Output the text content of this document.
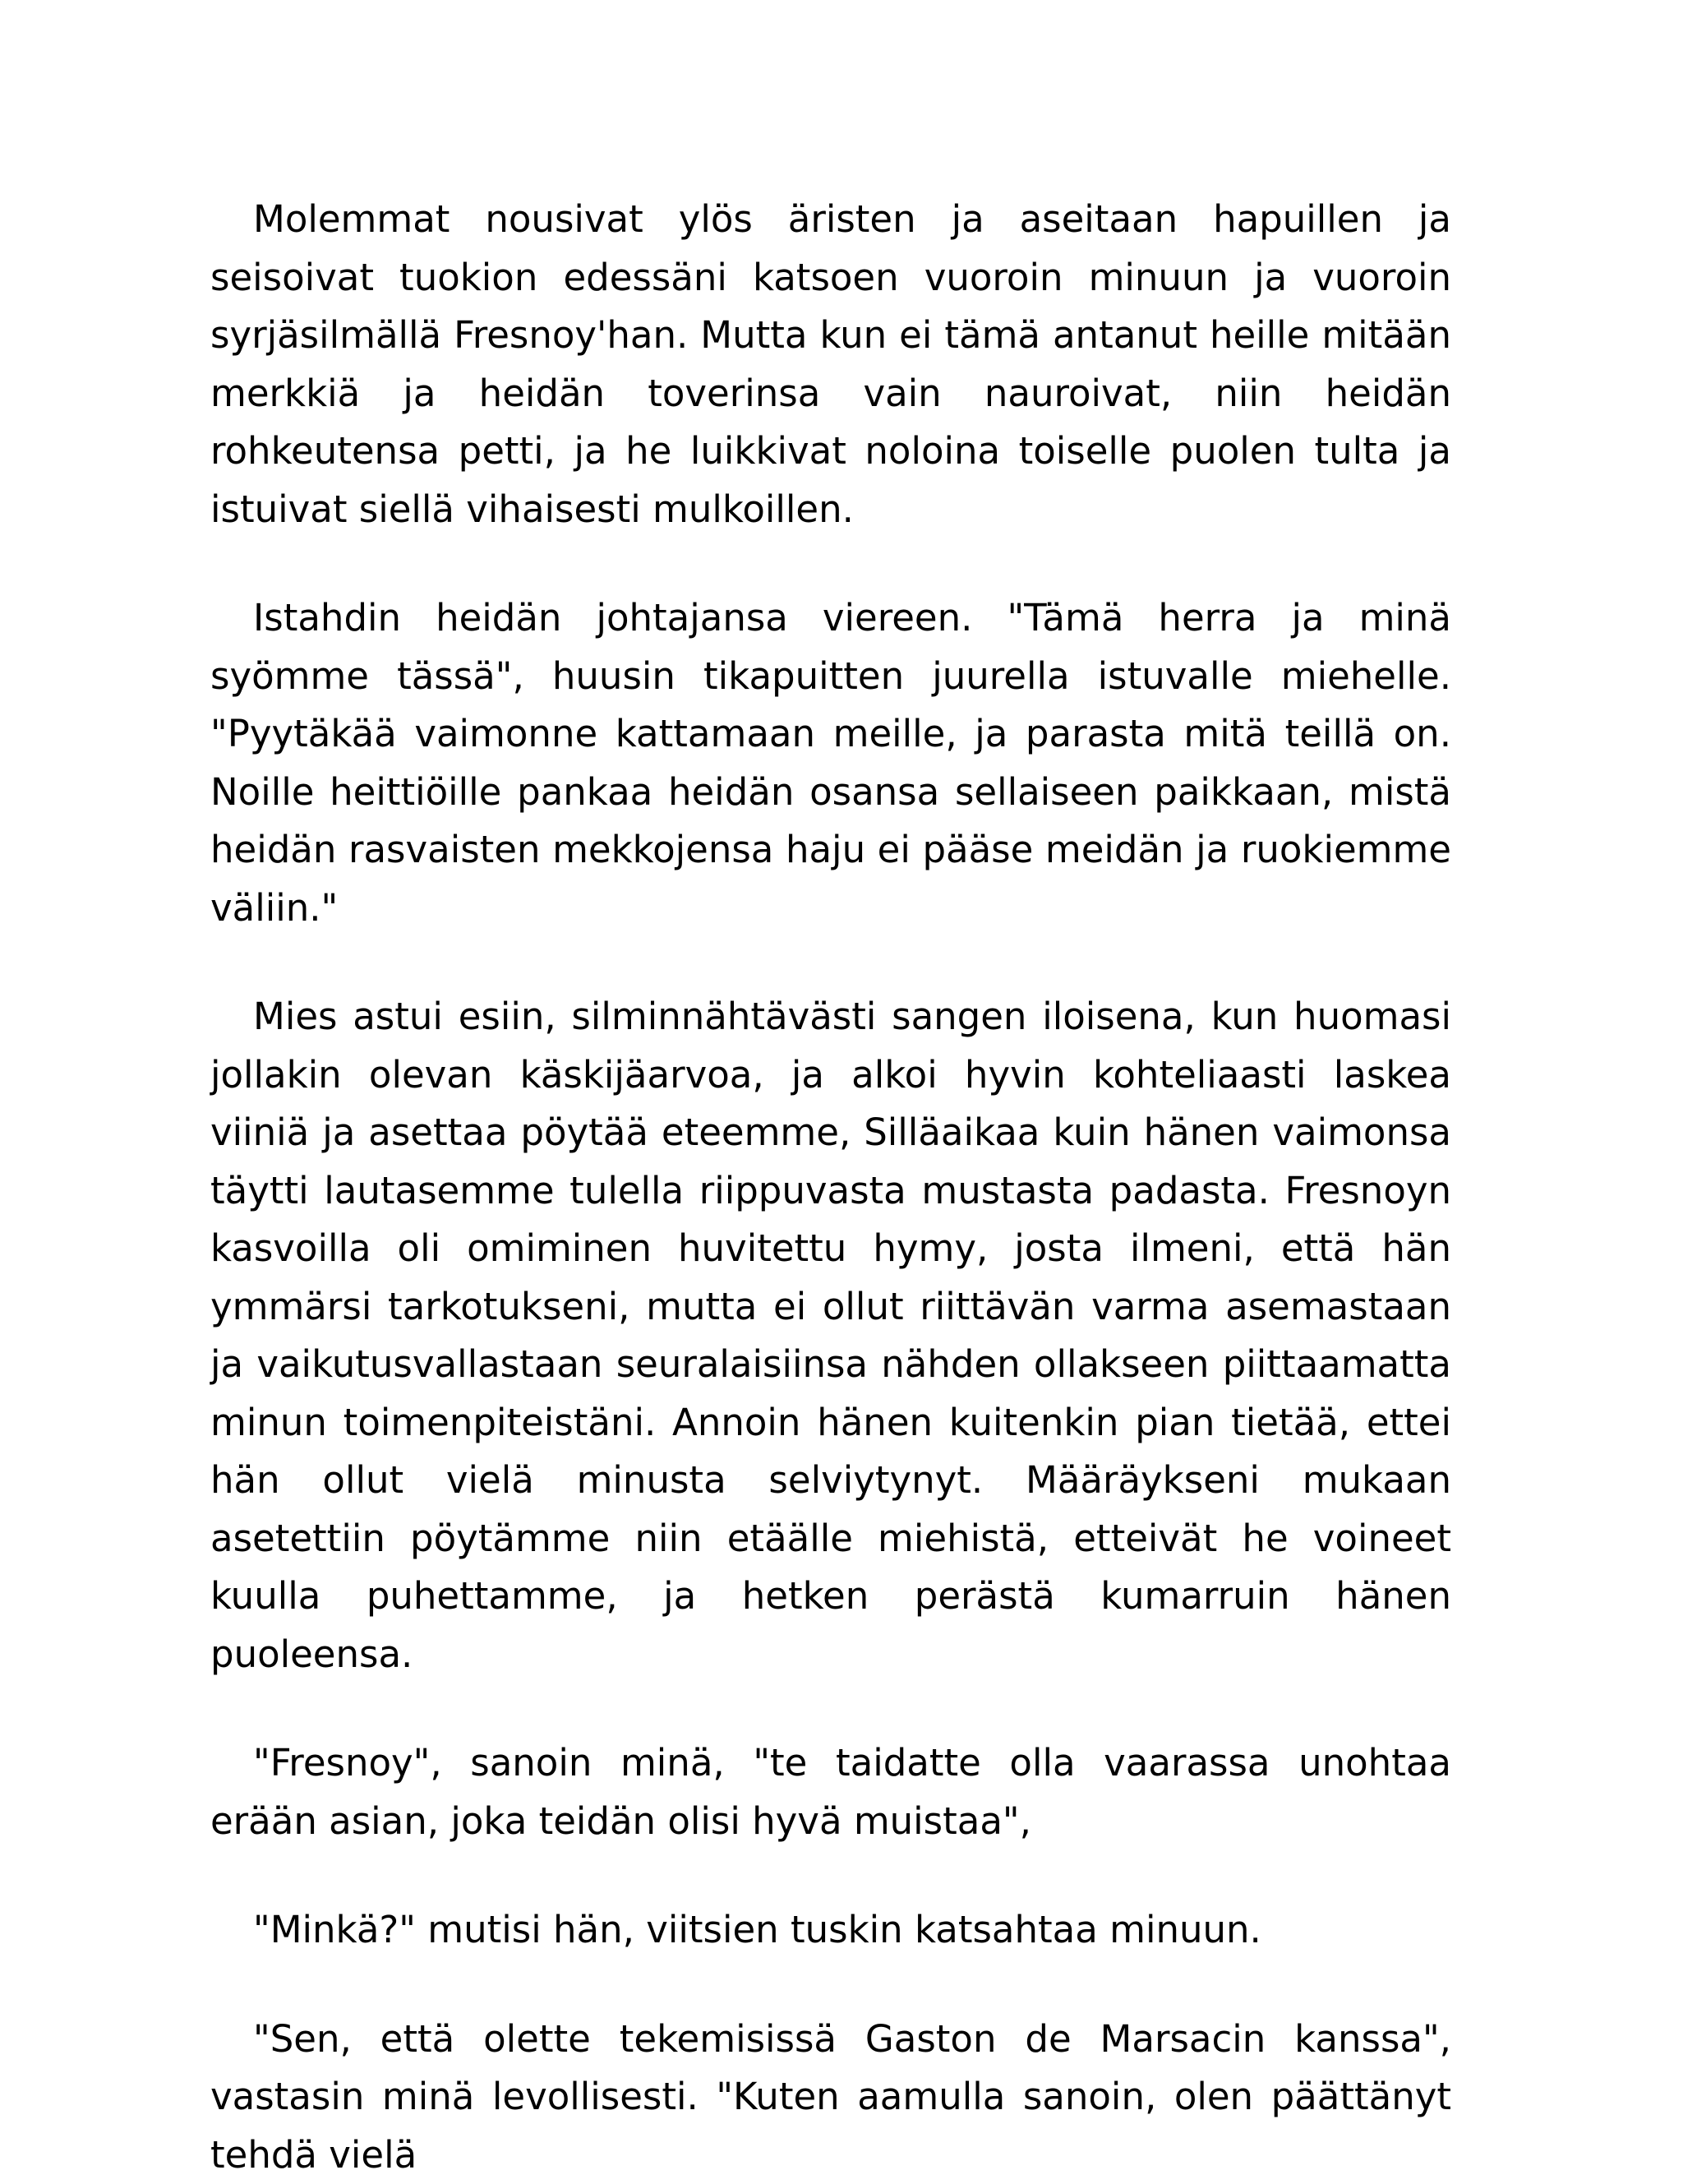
Molemmat nousivat ylös äristen ja aseitaan hapuillen ja seisoivat tuokion edessäni katsoen vuoroin minuun ja vuoroin syrjäsilmällä Fresnoy'han. Mutta kun ei tämä antanut heille mitään merkkiä ja heidän toverinsa vain nauroivat, niin heidän rohkeutensa petti, ja he luikkivat noloina toiselle puolen tulta ja istuivat siellä vihaisesti mulkoillen.

Istahdin heidän johtajansa viereen. "Tämä herra ja minä syömme tässä", huusin tikapuitten juurella istuvalle miehelle. "Pyytäkää vaimonne kattamaan meille, ja parasta mitä teillä on. Noille heittiöille pankaa heidän osansa sellaiseen paikkaan, mistä heidän rasvaisten mekkojensa haju ei pääse meidän ja ruokiemme väliin."

Mies astui esiin, silminnähtävästi sangen iloisena, kun huomasi jollakin olevan käskijäarvoa, ja alkoi hyvin kohteliaasti laskea viiniä ja asettaa pöytää eteemme, Silläaikaa kuin hänen vaimonsa täytti lautasemme tulella riippuvasta mustasta padasta. Fresnoyn kasvoilla oli omiminen huvitettu hymy, josta ilmeni, että hän ymmärsi tarkotukseni, mutta ei ollut riittävän varma asemastaan ja vaikutusvallastaan seuralaisiinsa nähden ollakseen piittaamatta minun toimenpiteistäni. Annoin hänen kuitenkin pian tietää, ettei hän ollut vielä minusta selviytynyt. Määräykseni mukaan asetettiin pöytämme niin etäälle miehistä, etteivät he voineet kuulla puhettamme, ja hetken perästä kumarruin hänen puoleensa.

"Fresnoy", sanoin minä, "te taidatte olla vaarassa unohtaa erään asian, joka teidän olisi hyvä muistaa",

"Minkä?" mutisi hän, viitsien tuskin katsahtaa minuun.

"Sen, että olette tekemisissä Gaston de Marsacin kanssa", vastasin minä levollisesti. "Kuten aamulla sanoin, olen päättänyt tehdä vielä
